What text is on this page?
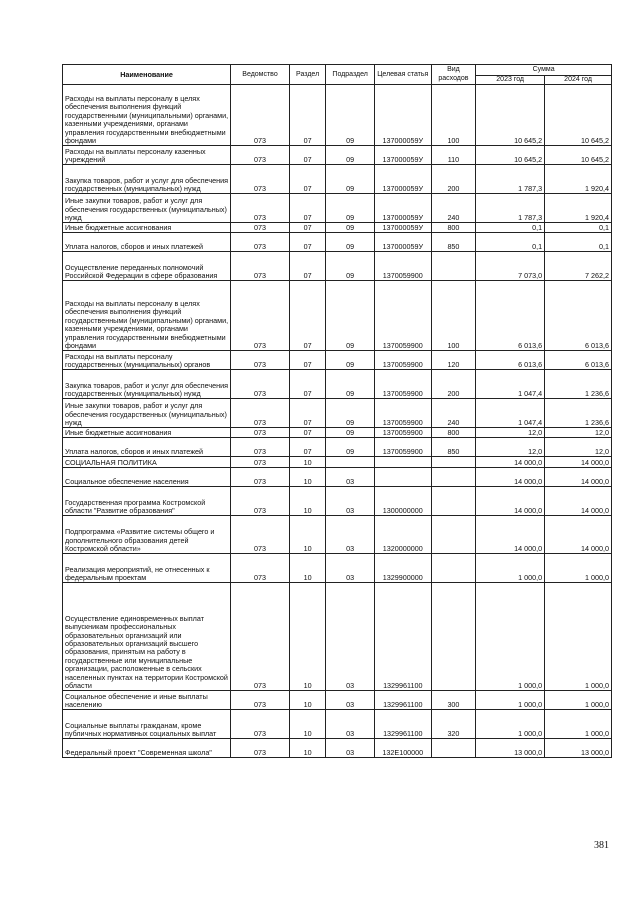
Наименование	Ведомство	Раздел	Подраздел	Целевая статья	Вид расходов	Сумма	
						2023 год	2024 год
Расходы на выплаты персоналу в целях обеспечения выполнения функций государственными (муниципальными) органами, казенными учреждениями, органами управления государственными внебюджетными фондами	073	07	09	137000059У	100	10 645,2	10 645,2
Расходы на выплаты персоналу казенных учреждений	073	07	09	137000059У	110	10 645,2	10 645,2
Закупка товаров, работ и услуг для обеспечения государственных (муниципальных) нужд	073	07	09	137000059У	200	1 787,3	1 920,4
Иные закупки товаров, работ и услуг для обеспечения государственных (муниципальных) нужд	073	07	09	137000059У	240	1 787,3	1 920,4
Иные бюджетные ассигнования	073	07	09	137000059У	800	0,1	0,1
Уплата налогов, сборов и иных платежей	073	07	09	137000059У	850	0,1	0,1
Осуществление переданных полномочий Российской Федерации в сфере образования	073	07	09	1370059900		7 073,0	7 262,2
Расходы на выплаты персоналу в целях обеспечения выполнения функций государственными (муниципальными) органами, казенными учреждениями, органами управления государственными внебюджетными фондами	073	07	09	1370059900	100	6 013,6	6 013,6
Расходы на выплаты персоналу государственных (муниципальных) органов	073	07	09	1370059900	120	6 013,6	6 013,6
Закупка товаров, работ и услуг для обеспечения государственных (муниципальных) нужд	073	07	09	1370059900	200	1 047,4	1 236,6
Иные закупки товаров, работ и услуг для обеспечения государственных (муниципальных) нужд	073	07	09	1370059900	240	1 047,4	1 236,6
Иные бюджетные ассигнования	073	07	09	1370059900	800	12,0	12,0
Уплата налогов, сборов и иных платежей	073	07	09	1370059900	850	12,0	12,0
СОЦИАЛЬНАЯ ПОЛИТИКА	073	10				14 000,0	14 000,0
Социальное обеспечение населения	073	10	03			14 000,0	14 000,0
Государственная программа Костромской области "Развитие образования"	073	10	03	1300000000		14 000,0	14 000,0
Подпрограмма «Развитие системы общего и дополнительного образования детей Костромской области»	073	10	03	1320000000		14 000,0	14 000,0
Реализация мероприятий, не отнесенных к федеральным проектам	073	10	03	1329900000		1 000,0	1 000,0
Осуществление единовременных выплат выпускникам профессиональных образовательных организаций или образовательных организаций высшего образования, принятым на работу в государственные или муниципальные организации, расположенные в сельских населенных пунктах на территории Костромской области	073	10	03	1329961100		1 000,0	1 000,0
Социальное обеспечение и иные выплаты населению	073	10	03	1329961100	300	1 000,0	1 000,0
Социальные выплаты гражданам, кроме публичных нормативных социальных выплат	073	10	03	1329961100	320	1 000,0	1 000,0
Федеральный проект "Современная школа"	073	10	03	132E100000		13 000,0	13 000,0
381
